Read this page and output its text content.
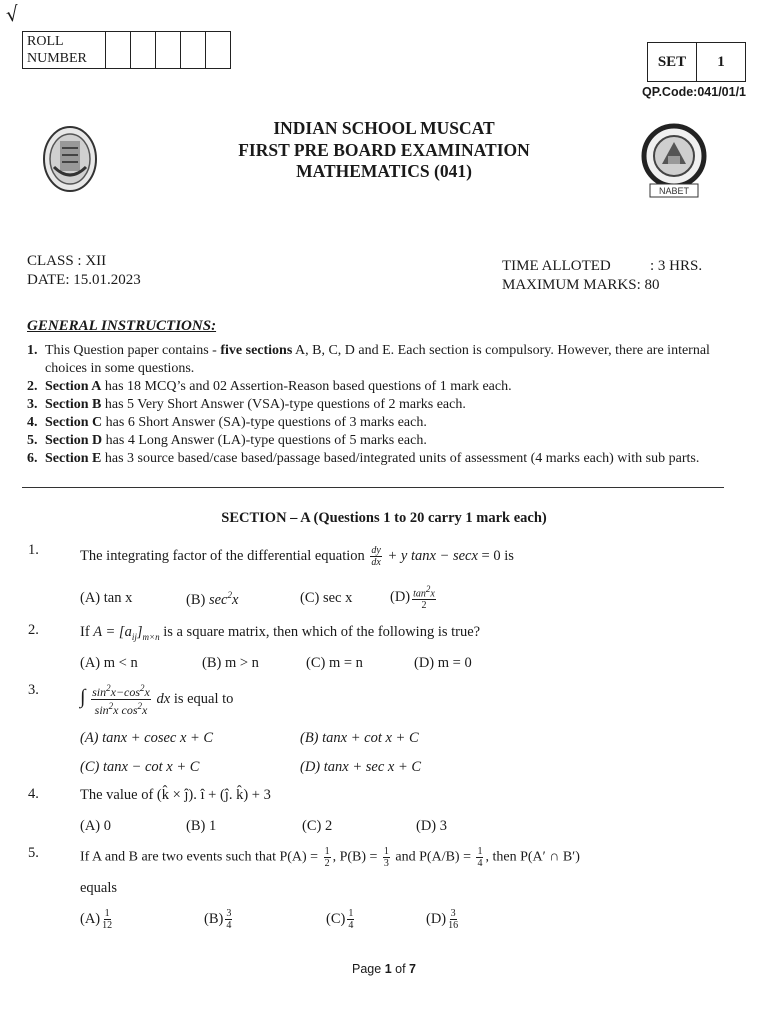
√
ROLL
NUMBER	SET	1
QP.Code:041/01/1
NABET
INDIAN SCHOOL MUSCAT
FIRST PRE BOARD EXAMINATION
MATHEMATICS (041)
CLASS : XII
DATE: 15.01.2023
TIME ALLOTED	: 3 HRS.
MAXIMUM MARKS: 80
GENERAL INSTRUCTIONS:
1. This Question paper contains - five sections A, B, C, D and E. Each section is compulsory. However, there are internal choices in some questions.
2. Section A has 18 MCQ’s and 02 Assertion-Reason based questions of 1 mark each.
3. Section B has 5 Very Short Answer (VSA)-type questions of 2 marks each.
4. Section C has 6 Short Answer (SA)-type questions of 3 marks each.
5. Section D has 4 Long Answer (LA)-type questions of 5 marks each.
6. Section E has 3 source based/case based/passage based/integrated units of assessment (4 marks each) with sub parts.
SECTION – A (Questions 1 to 20 carry 1 mark each)
1.	The integrating factor of the differential equation $\frac{dy}{dx} + y$ tanx − secx = 0 is
(A) tan x	(B) $\sec^2x$	(C) sec x	$(D) \frac{\tan^2x}{2}$
2.	If $A = [a_{ij}]_{m\times n}$ is a square matrix, then which of the following is true?
(A) m < n	(B) m > n	(C) m = n	(D) m = 0
3. ∫ $\frac{\sin^2x-\cos^2x}{\sin^2x \cos^2x}$ dx is equal to
(A) tanx + cosec x + C	(B) tanx + cot x + C
(C) tanx − cot x + C	(D) tanx + sec x + C
4.	The value of (k̂ × ĵ). î + (ĵ. k̂) + 3
(A) 0	(B) 1	(C) 2	(D) 3
5.	If A and B are two events such that $P(A) = \frac{1}{2}$ , $P(B) = \frac{1}{3}$ and $P(A/B) = \frac{1}{4}$ , then P(A′ ∩ B′)
equals
$(A) \frac{1}{12}$	$(B) \frac{3}{4}$	$(C) \frac{1}{4}$	$(D) \frac{3}{16}$
Page 1 of 7
